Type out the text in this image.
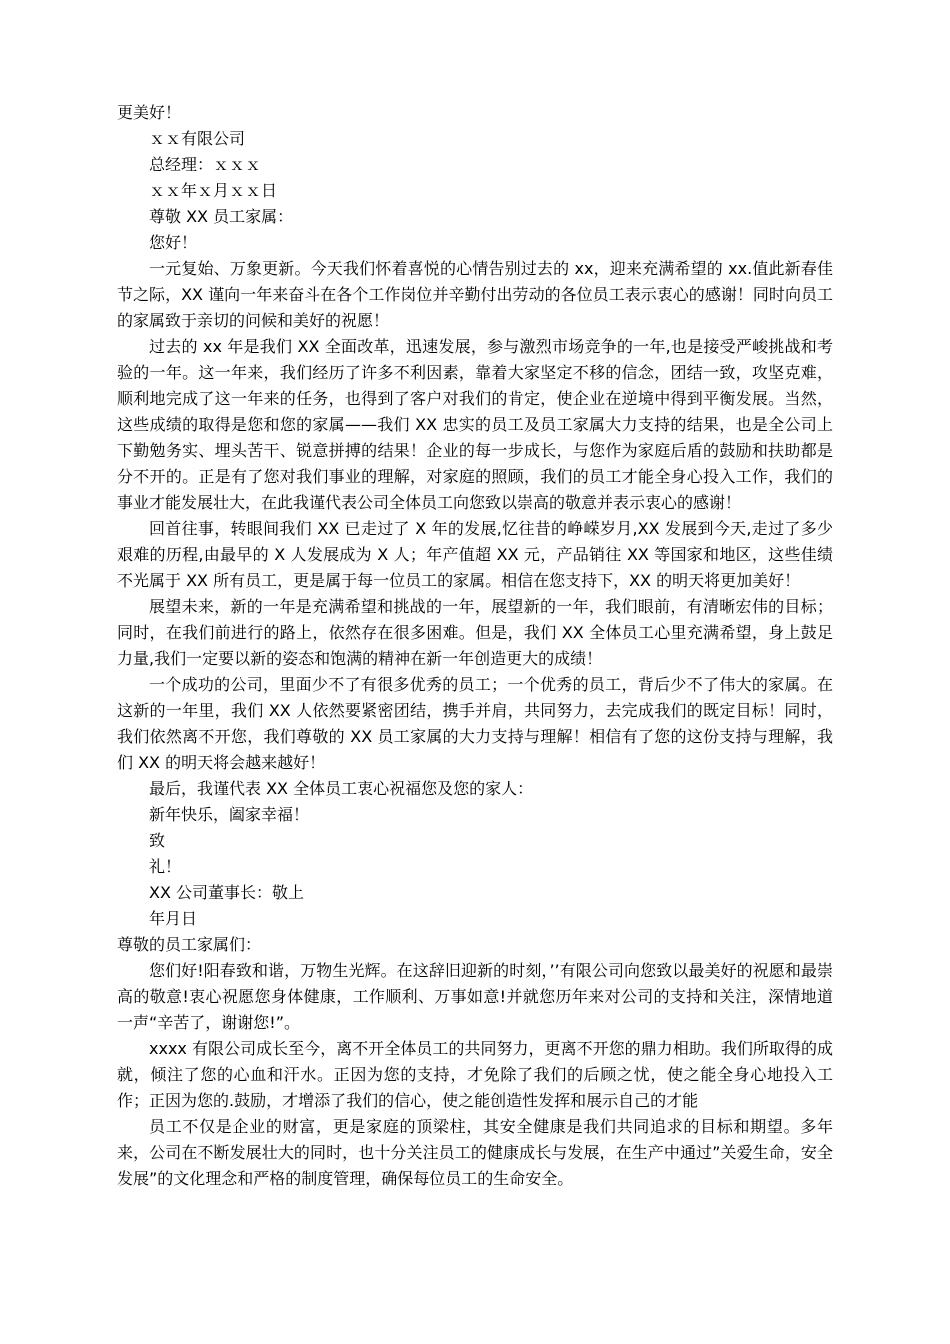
更美好！

ｘｘ有限公司

总经理：ｘｘｘ

ｘｘ年ｘ月ｘｘ日

尊敬 XX 员工家属：

您好！

一元复始、万象更新。今天我们怀着喜悦的心情告别过去的 xx，迎来充满希望的 xx.值此新春佳节之际，XX 谨向一年来奋斗在各个工作岗位并辛勤付出劳动的各位员工表示衷心的感谢！同时向员工的家属致于亲切的问候和美好的祝愿！

过去的 xx 年是我们 XX 全面改革，迅速发展，参与激烈市场竞争的一年,也是接受严峻挑战和考验的一年。这一年来，我们经历了许多不利因素，靠着大家坚定不移的信念，团结一致，攻坚克难，顺利地完成了这一年来的任务，也得到了客户对我们的肯定，使企业在逆境中得到平衡发展。当然，这些成绩的取得是您和您的家属——我们 XX 忠实的员工及员工家属大力支持的结果，也是全公司上下勤勉务实、埋头苦干、锐意拼搏的结果！企业的每一步成长，与您作为家庭后盾的鼓励和扶助都是分不开的。正是有了您对我们事业的理解，对家庭的照顾，我们的员工才能全身心投入工作，我们的事业才能发展壮大，在此我谨代表公司全体员工向您致以崇高的敬意并表示衷心的感谢！

回首往事，转眼间我们 XX 已走过了 X 年的发展,忆往昔的峥嵘岁月,XX 发展到今天,走过了多少艰难的历程,由最早的 X 人发展成为 X 人；年产值超 XX 元，产品销往 XX 等国家和地区，这些佳绩不光属于 XX 所有员工，更是属于每一位员工的家属。相信在您支持下，XX 的明天将更加美好！

展望未来，新的一年是充满希望和挑战的一年，展望新的一年，我们眼前，有清晰宏伟的目标；同时，在我们前进行的路上，依然存在很多困难。但是，我们 XX 全体员工心里充满希望，身上鼓足力量,我们一定要以新的姿态和饱满的精神在新一年创造更大的成绩！

一个成功的公司，里面少不了有很多优秀的员工；一个优秀的员工，背后少不了伟大的家属。在这新的一年里，我们 XX 人依然要紧密团结，携手并肩，共同努力，去完成我们的既定目标！同时，我们依然离不开您，我们尊敬的 XX 员工家属的大力支持与理解！相信有了您的这份支持与理解，我们 XX 的明天将会越来越好！

最后，我谨代表 XX 全体员工衷心祝福您及您的家人：

新年快乐，阖家幸福！

致

礼！

XX 公司董事长：敬上

年月日

尊敬的员工家属们：

您们好!阳春致和谐，万物生光辉。在这辞旧迎新的时刻，’’有限公司向您致以最美好的祝愿和最崇高的敬意!衷心祝愿您身体健康，工作顺利、万事如意!并就您历年来对公司的支持和关注，深情地道一声“辛苦了，谢谢您!”。

xxxx 有限公司成长至今，离不开全体员工的共同努力，更离不开您的鼎力相助。我们所取得的成就，倾注了您的心血和汗水。正因为您的支持，才免除了我们的后顾之忧，使之能全身心地投入工作；正因为您的.鼓励，才增添了我们的信心，使之能创造性发挥和展示自己的才能

员工不仅是企业的财富，更是家庭的顶梁柱，其安全健康是我们共同追求的目标和期望。多年来，公司在不断发展壮大的同时，也十分关注员工的健康成长与发展，在生产中通过”关爱生命，安全发展”的文化理念和严格的制度管理，确保每位员工的生命安全。
